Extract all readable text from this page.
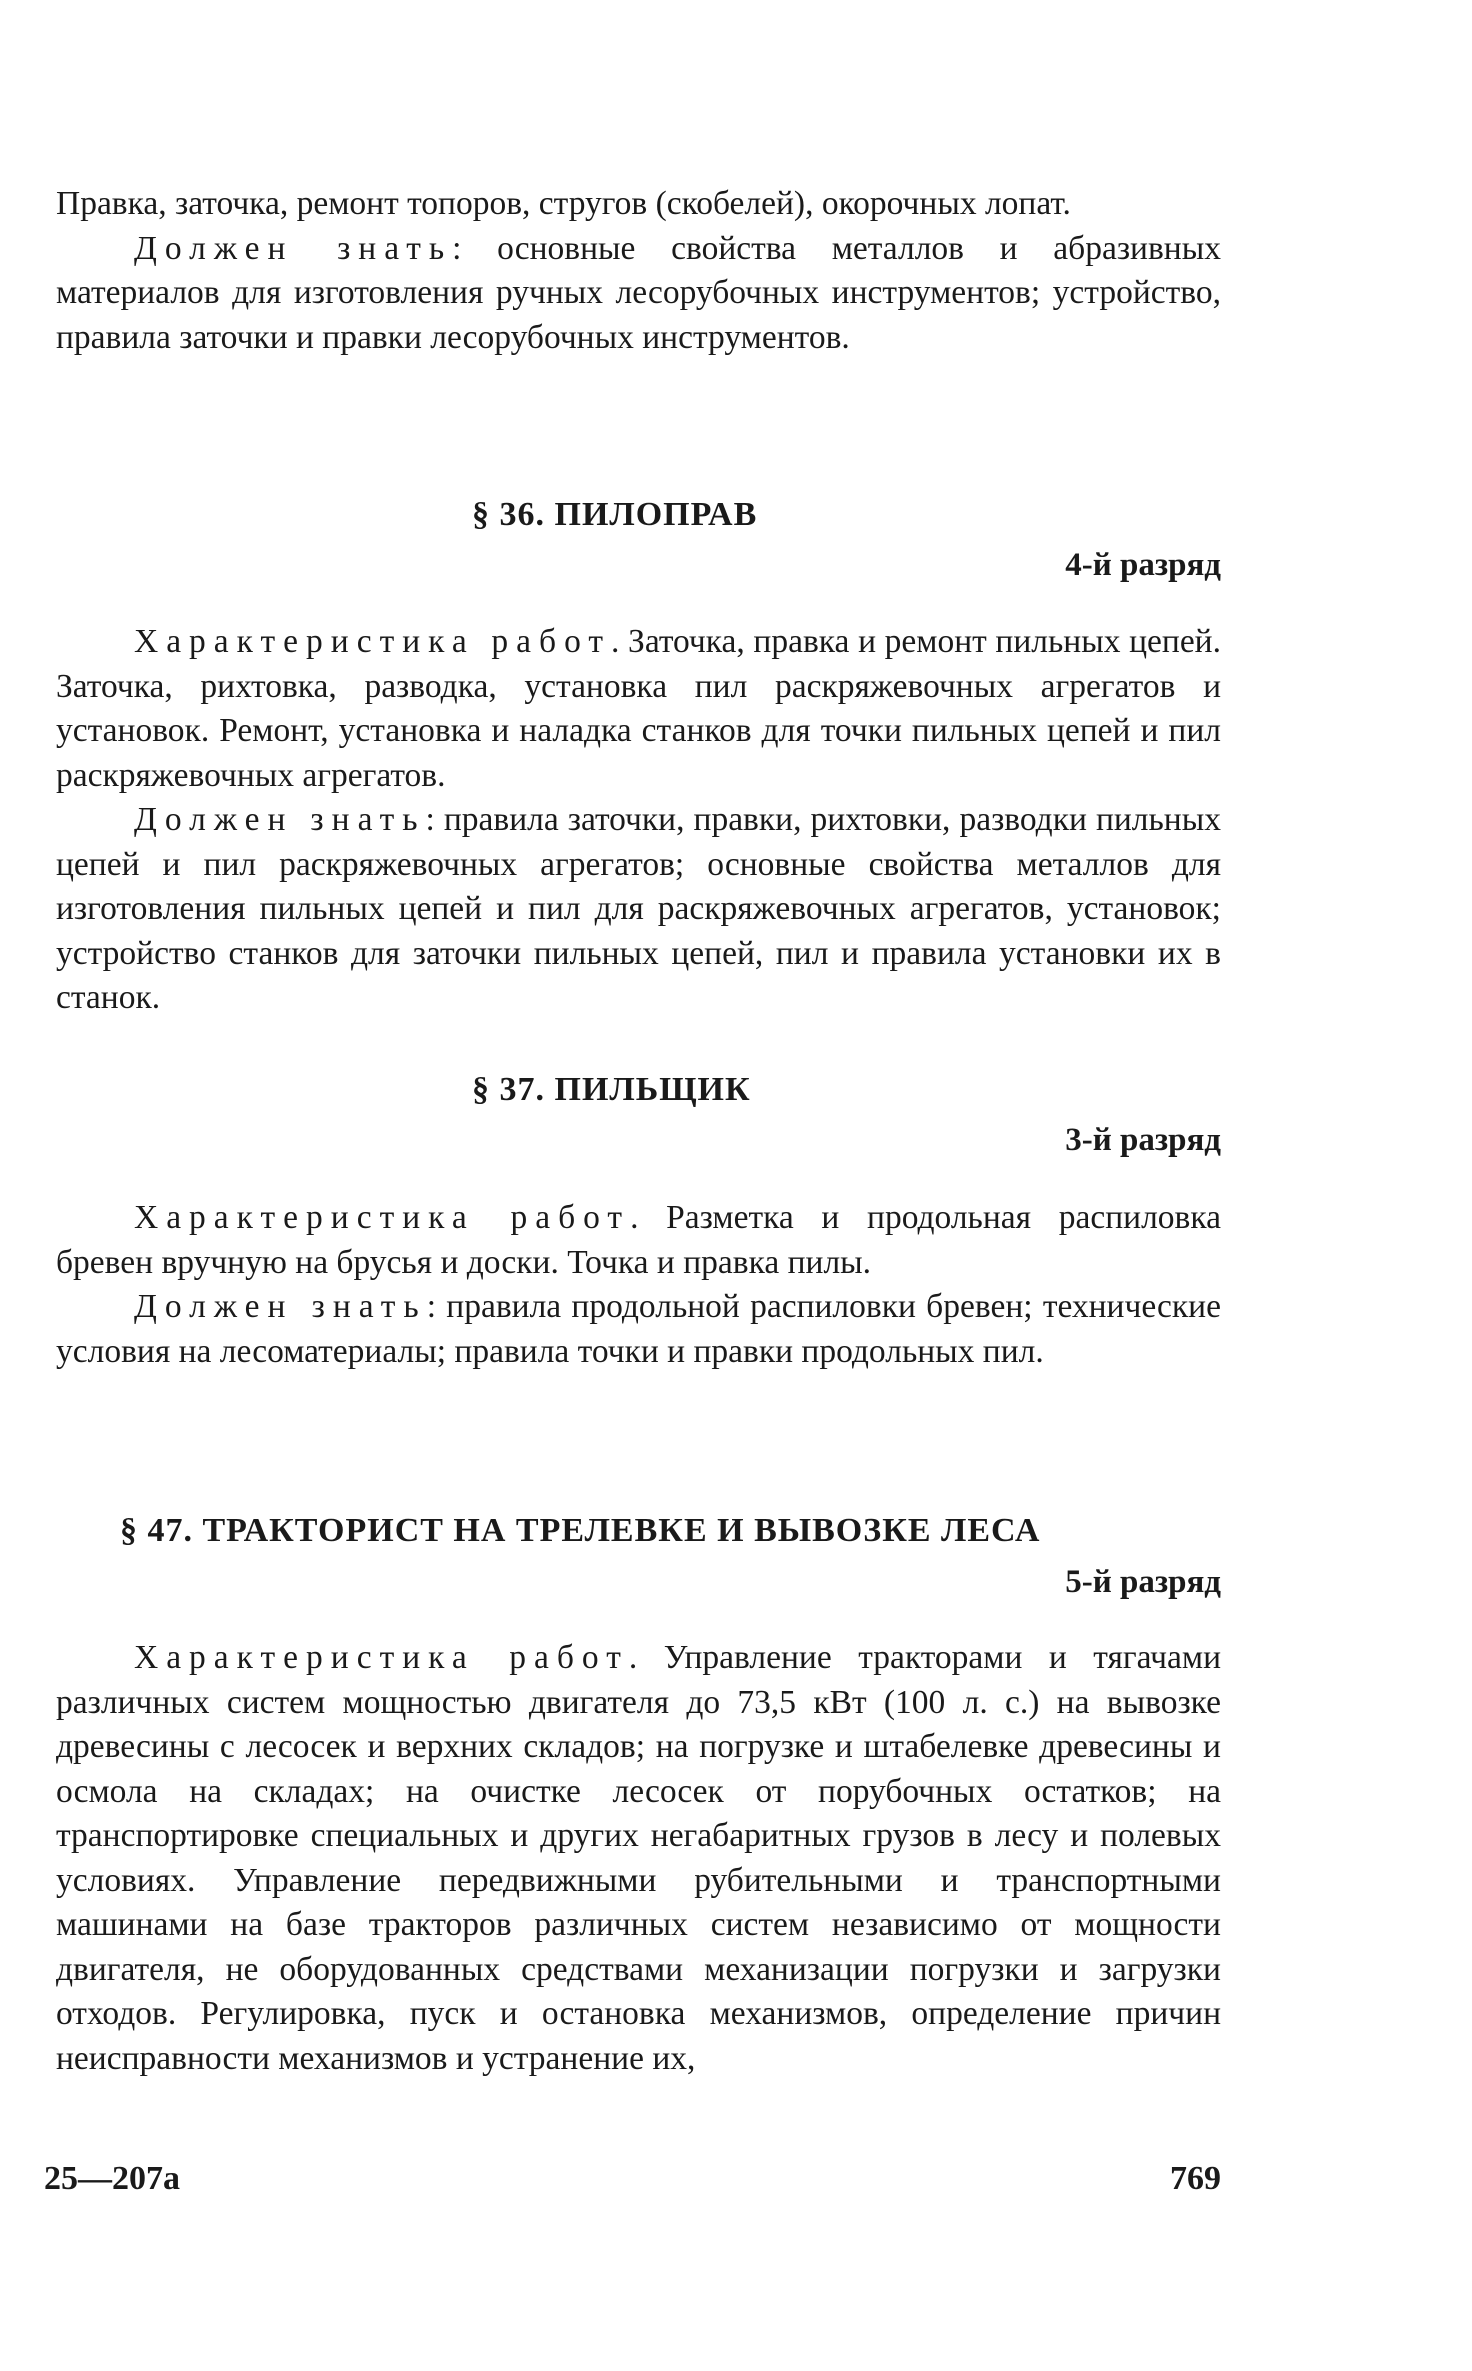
Правка, заточка, ремонт топоров, стругов (скобелей), окорочных лопат.

Должен знать: основные свойства металлов и абразивных материалов для изготовления ручных лесорубочных инструментов; устройство, правила заточки и правки лесорубочных инструментов.

§ 36. ПИЛОПРАВ
4-й разряд

Характеристика работ. Заточка, правка и ремонт пильных цепей. Заточка, рихтовка, разводка, установка пил раскряжевочных агрегатов и установок. Ремонт, установка и наладка станков для точки пильных цепей и пил раскряжевочных агрегатов.

Должен знать: правила заточки, правки, рихтовки, разводки пильных цепей и пил раскряжевочных агрегатов; основные свойства металлов для изготовления пильных цепей и пил для раскряжевочных агрегатов, установок; устройство станков для заточки пильных цепей, пил и правила установки их в станок.

§ 37. ПИЛЬЩИК
3-й разряд

Характеристика работ. Разметка и продольная распиловка бревен вручную на брусья и доски. Точка и правка пилы.

Должен знать: правила продольной распиловки бревен; технические условия на лесоматериалы; правила точки и правки продольных пил.

§ 47. ТРАКТОРИСТ НА ТРЕЛЕВКЕ И ВЫВОЗКЕ ЛЕСА
5-й разряд

Характеристика работ. Управление тракторами и тягачами различных систем мощностью двигателя до 73,5 кВт (100 л. с.) на вывозке древесины с лесосек и верхних складов; на погрузке и штабелевке древесины и осмола на складах; на очистке лесосек от порубочных остатков; на транспортировке специальных и других негабаритных грузов в лесу и полевых условиях. Управление передвижными рубительными и транспортными машинами на базе тракторов различных систем независимо от мощности двигателя, не оборудованных средствами механизации погрузки и загрузки отходов. Регулировка, пуск и остановка механизмов, определение причин неисправности механизмов и устранение их,

25—207а	769
